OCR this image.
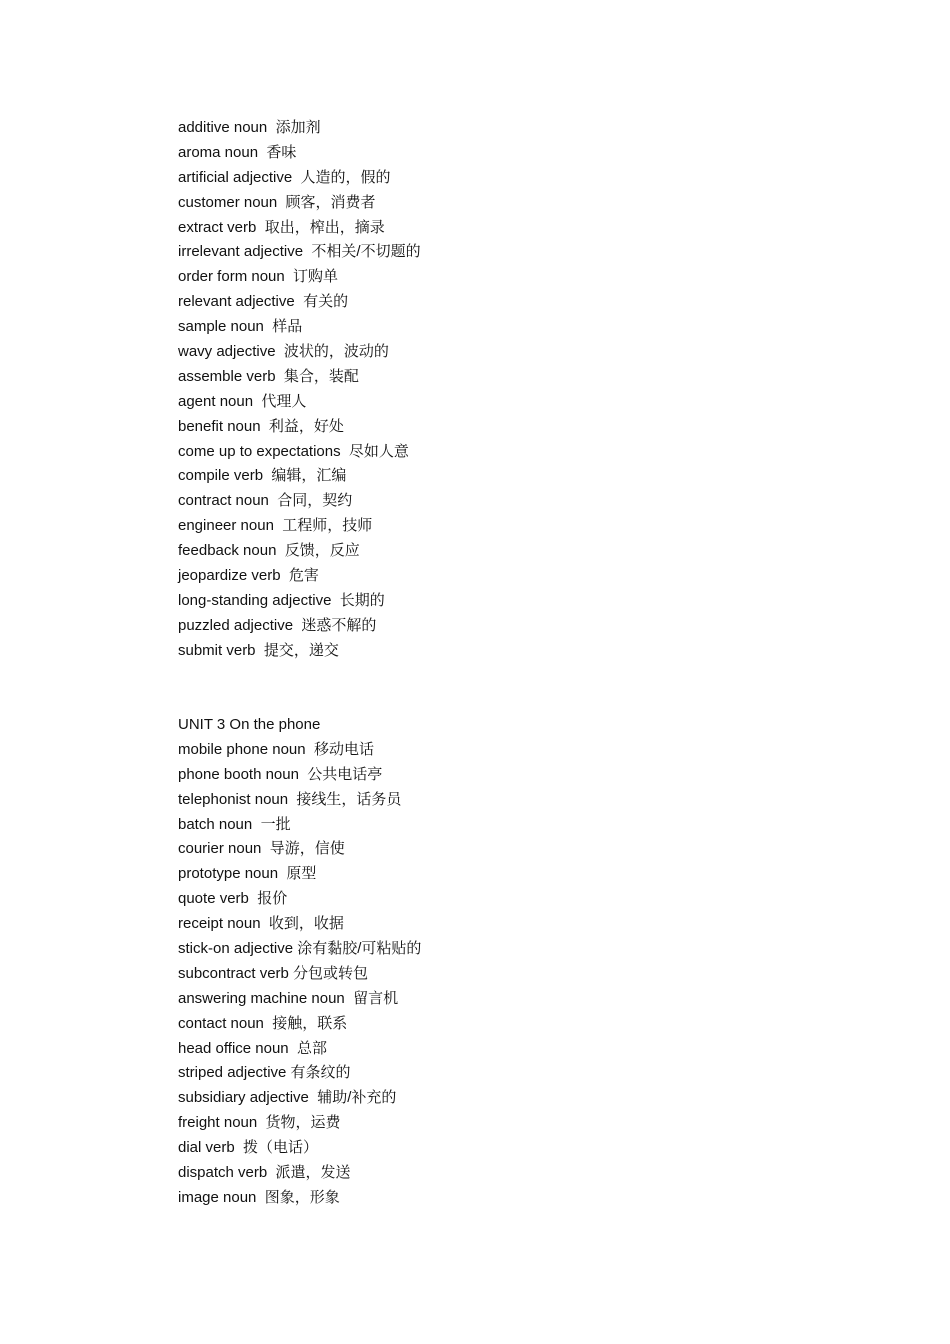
additive noun  添加剂
aroma noun  香味
artificial adjective  人造的，假的
customer noun  顾客，消费者
extract verb  取出，榨出，摘录
irrelevant adjective  不相关/不切题的
order form noun  订购单
relevant adjective  有关的
sample noun  样品
wavy adjective  波状的，波动的
assemble verb  集合，装配
agent noun  代理人
benefit noun  利益，好处
come up to expectations  尽如人意
compile verb  编辑，汇编
contract noun  合同，契约
engineer noun  工程师，技师
feedback noun  反馈，反应
jeopardize verb  危害
long-standing adjective  长期的
puzzled adjective  迷惑不解的
submit verb  提交，递交
UNIT 3 On the phone
mobile phone noun  移动电话
phone booth noun  公共电话亭
telephonist noun  接线生，话务员
batch noun  一批
courier noun  导游，信使
prototype noun  原型
quote verb  报价
receipt noun  收到，收据
stick-on adjective 涂有黏胶/可粘贴的
subcontract verb 分包或转包
answering machine noun  留言机
contact noun  接触，联系
head office noun  总部
striped adjective 有条纹的
subsidiary adjective  辅助/补充的
freight noun  货物，运费
dial verb  拨（电话）
dispatch verb  派遣，发送
image noun  图象，形象
